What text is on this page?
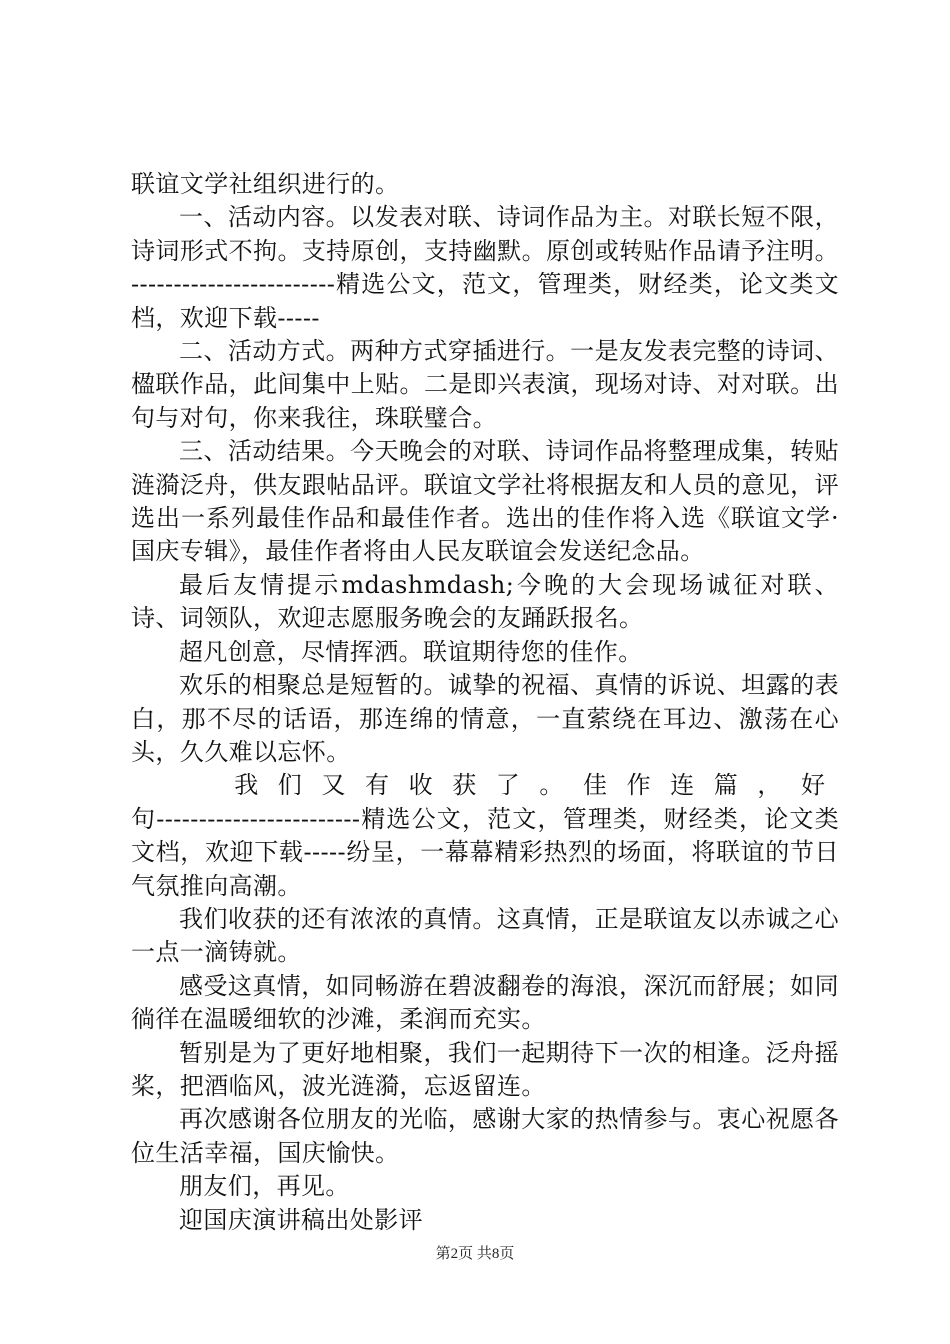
联谊文学社组织进行的。

一、活动内容。以发表对联、诗词作品为主。对联长短不限，诗词形式不拘。支持原创，支持幽默。原创或转贴作品请予注明。------------------------精选公文，范文，管理类，财经类，论文类文档，欢迎下载-----

二、活动方式。两种方式穿插进行。一是友发表完整的诗词、楹联作品，此间集中上贴。二是即兴表演，现场对诗、对对联。出句与对句，你来我往，珠联璧合。

三、活动结果。今天晚会的对联、诗词作品将整理成集，转贴涟漪泛舟，供友跟帖品评。联谊文学社将根据友和人员的意见，评选出一系列最佳作品和最佳作者。选出的佳作将入选《联谊文学·国庆专辑》，最佳作者将由人民友联谊会发送纪念品。

最后友情提示mdashmdash;今晚的大会现场诚征对联、诗、词领队，欢迎志愿服务晚会的友踊跃报名。

超凡创意，尽情挥洒。联谊期待您的佳作。

欢乐的相聚总是短暂的。诚挚的祝福、真情的诉说、坦露的表白，那不尽的话语，那连绵的情意，一直萦绕在耳边、激荡在心头，久久难以忘怀。

我们又有收获了。佳作连篇，好

句------------------------精选公文，范文，管理类，财经类，论文类文档，欢迎下载-----纷呈，一幕幕精彩热烈的场面，将联谊的节日气氛推向高潮。

我们收获的还有浓浓的真情。这真情，正是联谊友以赤诚之心一点一滴铸就。

感受这真情，如同畅游在碧波翻卷的海浪，深沉而舒展；如同徜徉在温暖细软的沙滩，柔润而充实。

暂别是为了更好地相聚，我们一起期待下一次的相逢。泛舟摇桨，把酒临风，波光涟漪，忘返留连。

再次感谢各位朋友的光临，感谢大家的热情参与。衷心祝愿各位生活幸福，国庆愉快。

朋友们，再见。

迎国庆演讲稿出处影评

第2页 共8页
